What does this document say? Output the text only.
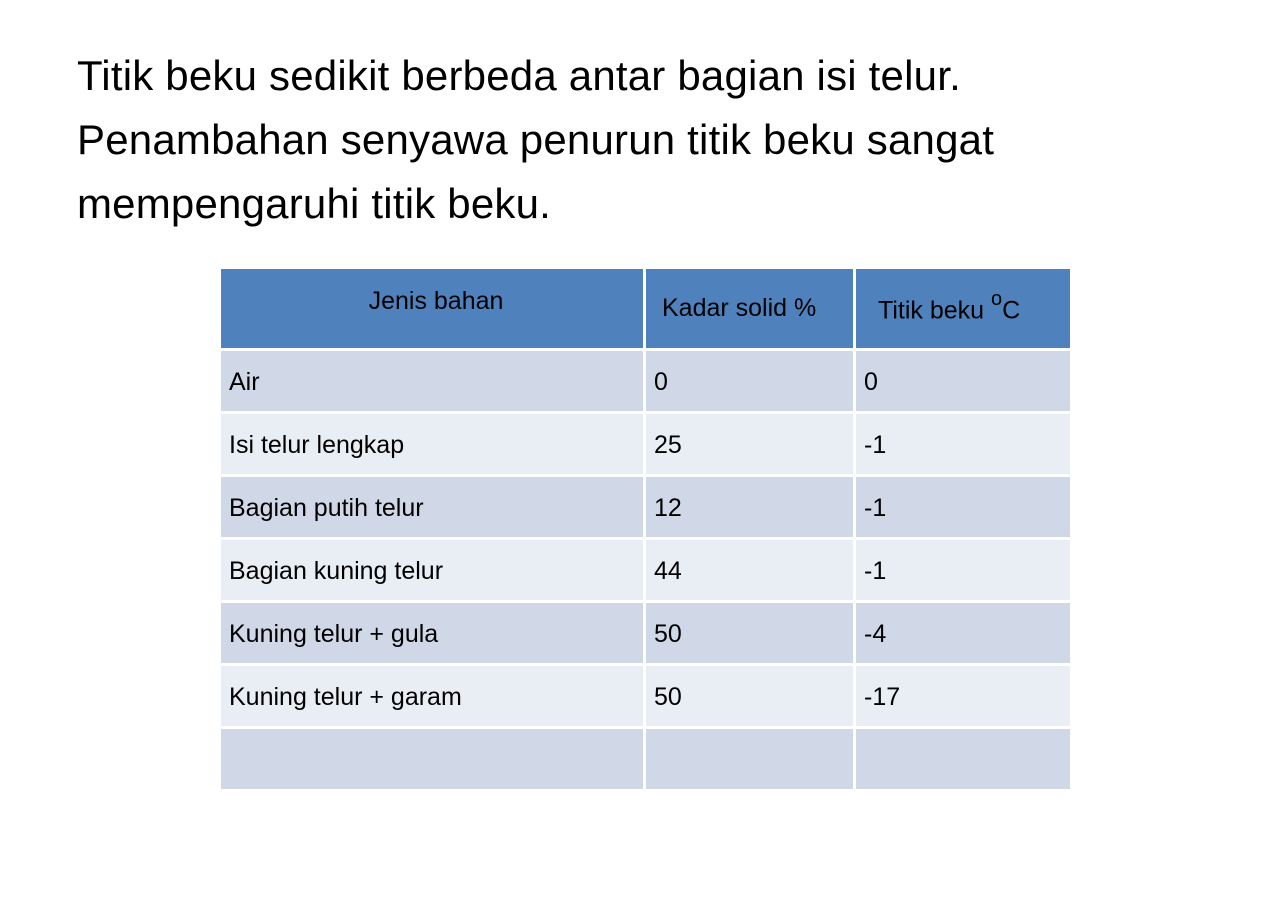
Titik beku sedikit berbeda antar bagian isi telur.
Penambahan senyawa penurun titik beku sangat
mempengaruhi titik beku.
Jenis bahan	Kadar solid %	Titik beku $^o$C
Air	0	0
Isi telur lengkap	25	-1
Bagian putih telur	12	-1
Bagian kuning telur	44	-1
Kuning telur + gula	50	-4
Kuning telur + garam	50	-17
